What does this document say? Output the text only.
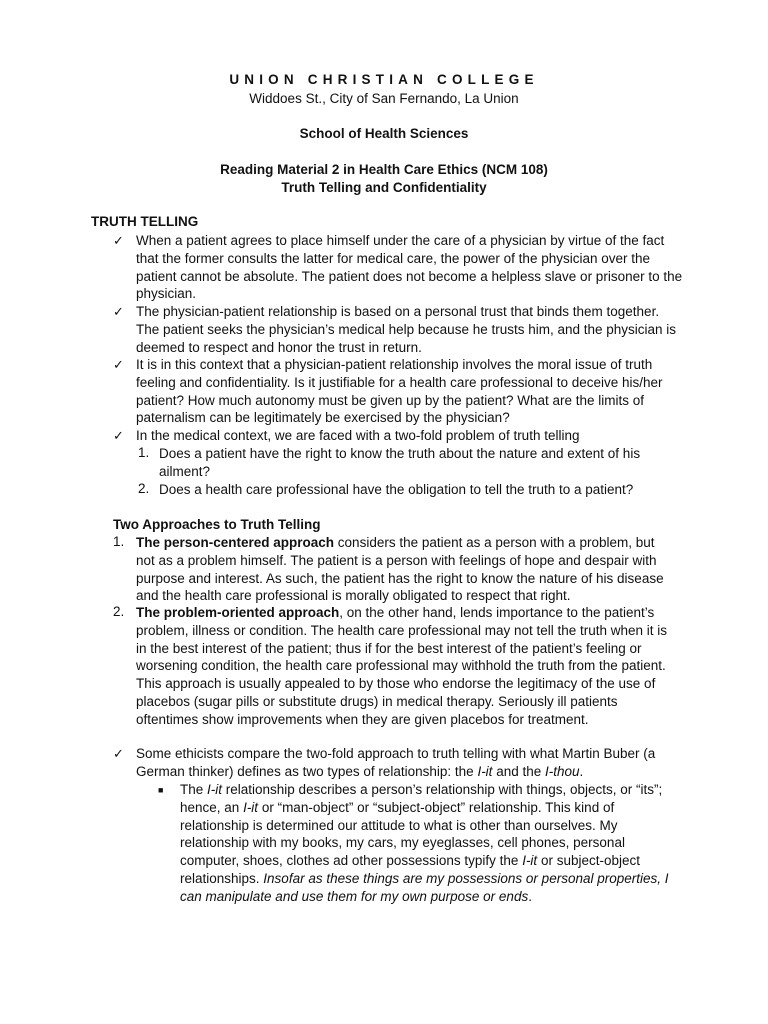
UNION CHRISTIAN COLLEGE
Widdoes St., City of San Fernando, La Union
School of Health Sciences
Reading Material 2 in Health Care Ethics (NCM 108)
Truth Telling and Confidentiality
TRUTH TELLING
✓ When a patient agrees to place himself under the care of a physician by virtue of the fact that the former consults the latter for medical care, the power of the physician over the patient cannot be absolute. The patient does not become a helpless slave or prisoner to the physician.

✓ The physician-patient relationship is based on a personal trust that binds them together. The patient seeks the physician’s medical help because he trusts him, and the physician is deemed to respect and honor the trust in return.

✓ It is in this context that a physician-patient relationship involves the moral issue of truth feeling and confidentiality. Is it justifiable for a health care professional to deceive his/her patient? How much autonomy must be given up by the patient? What are the limits of paternalism can be legitimately be exercised by the physician?

✓ In the medical context, we are faced with a two-fold problem of truth telling

1. Does a patient have the right to know the truth about the nature and extent of his ailment?

2. Does a health care professional have the obligation to tell the truth to a patient?

Two Approaches to Truth Telling
1. The person-centered approach considers the patient as a person with a problem, but not as a problem himself. The patient is a person with feelings of hope and despair with purpose and interest. As such, the patient has the right to know the nature of his disease and the health care professional is morally obligated to respect that right.

2. The problem-oriented approach, on the other hand, lends importance to the patient’s problem, illness or condition. The health care professional may not tell the truth when it is in the best interest of the patient; thus if for the best interest of the patient’s feeling or worsening condition, the health care professional may withhold the truth from the patient. This approach is usually appealed to by those who endorse the legitimacy of the use of placebos (sugar pills or substitute drugs) in medical therapy. Seriously ill patients oftentimes show improvements when they are given placebos for treatment.

✓ Some ethicists compare the two-fold approach to truth telling with what Martin Buber (a German thinker) defines as two types of relationship: the I-it and the I-thou.

■ The I-it relationship describes a person’s relationship with things, objects, or “its”; hence, an I-it or “man-object” or “subject-object” relationship. This kind of relationship is determined our attitude to what is other than ourselves. My relationship with my books, my cars, my eyeglasses, cell phones, personal computer, shoes, clothes ad other possessions typify the I-it or subject-object relationships. Insofar as these things are my possessions or personal properties, I can manipulate and use them for my own purpose or ends.
